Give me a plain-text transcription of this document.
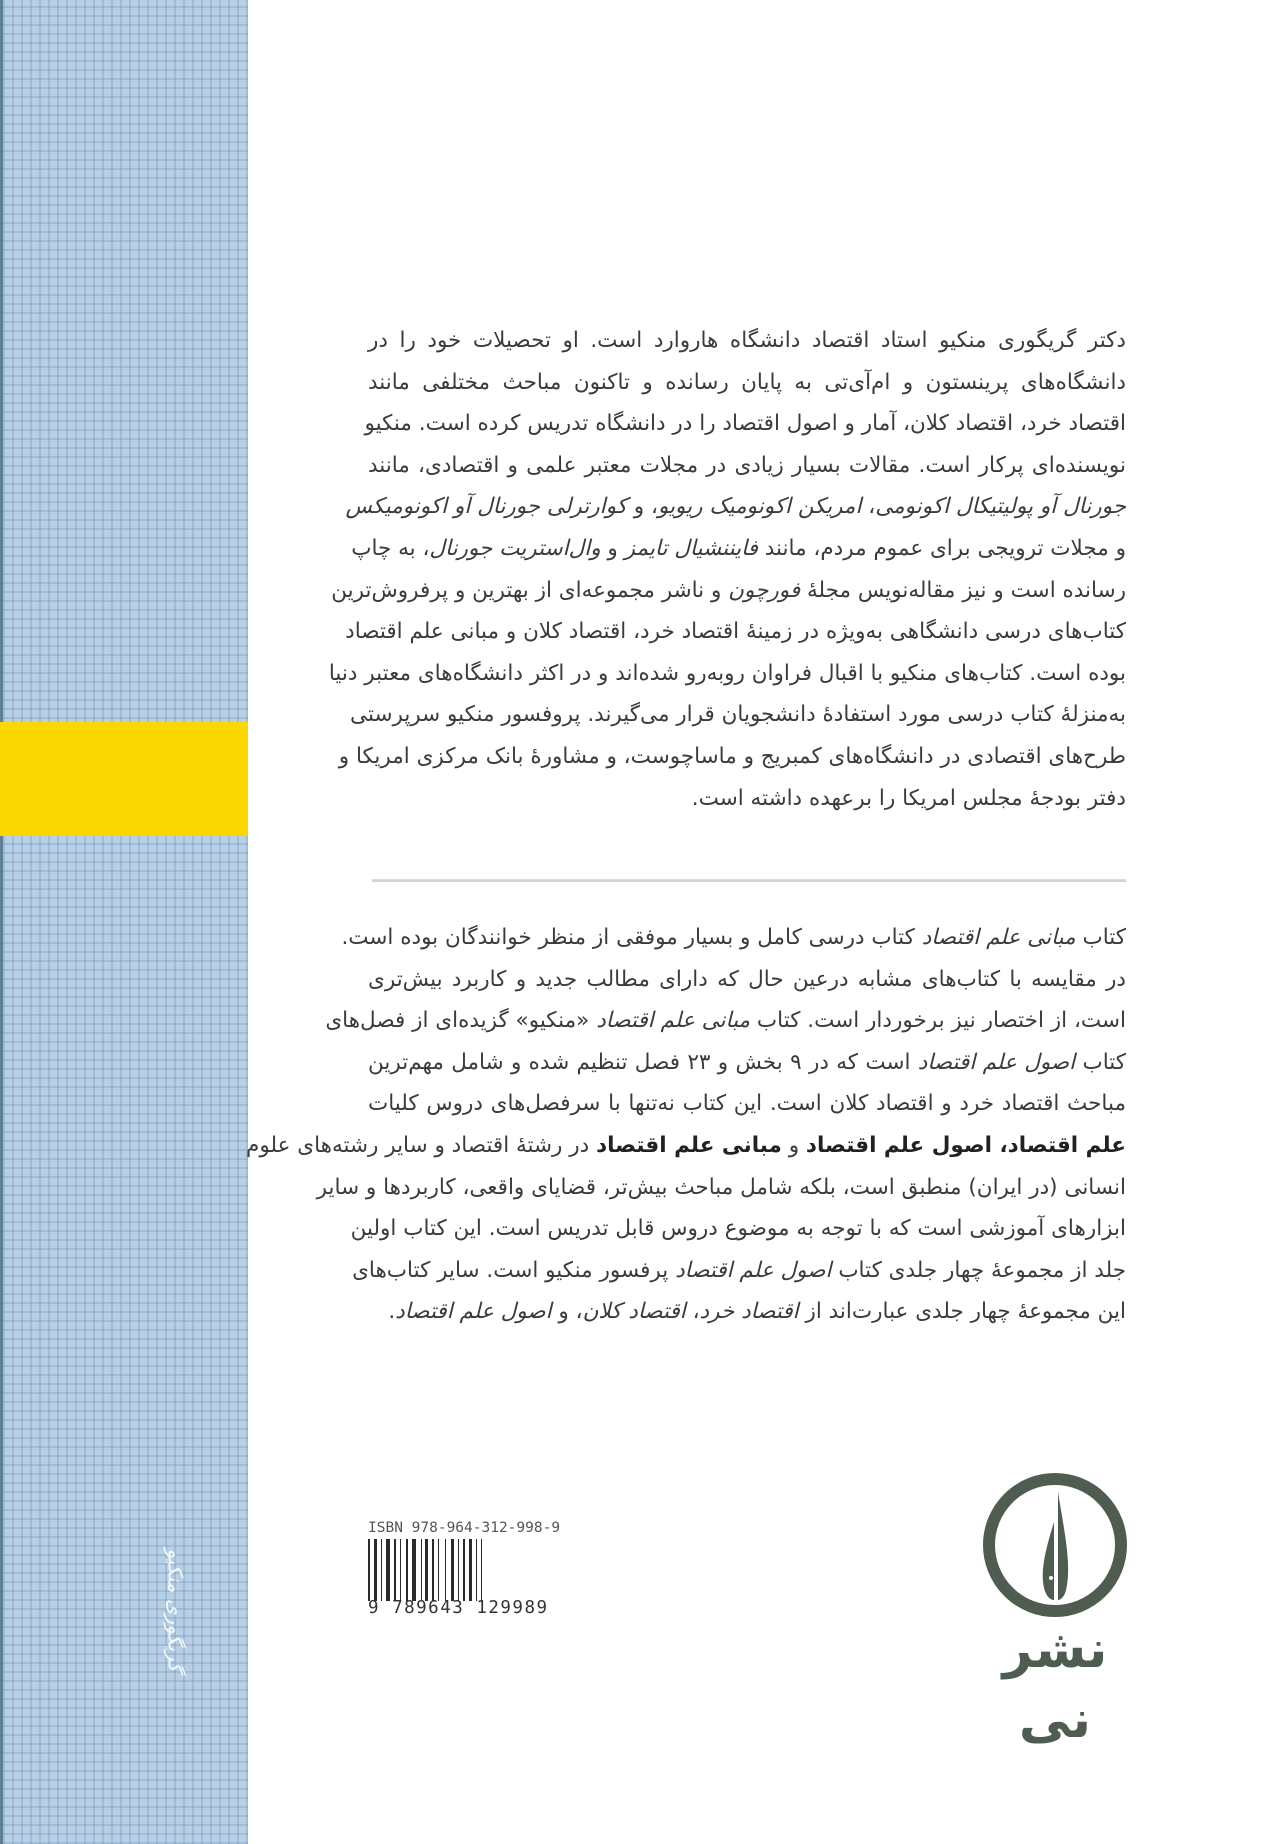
گریگوری منکیو
دکتر گریگوری منکیو استاد اقتصاد دانشگاه هاروارد است. او تحصیلات خود را در
دانشگاه‌های پرینستون و ام‌آی‌تی به پایان رسانده و تاکنون مباحث مختلفی مانند
اقتصاد خرد، اقتصاد کلان، آمار و اصول اقتصاد را در دانشگاه تدریس کرده است. منکیو
نویسنده‌ای پرکار است. مقالات بسیار زیادی در مجلات معتبر علمی و اقتصادی، مانند
جورنال آو پولیتیکال اکونومی، امریکن اکونومیک ریویو، و کوارترلی جورنال آو اکونومیکس
و مجلات ترویجی برای عموم مردم، مانند فایننشیال تایمز و وال‌استریت جورنال، به چاپ
رسانده است و نیز مقاله‌نویس مجلهٔ فورچون و ناشر مجموعه‌ای از بهترین و پرفروش‌ترین
کتاب‌های درسی دانشگاهی به‌ویژه در زمینهٔ اقتصاد خرد، اقتصاد کلان و مبانی علم اقتصاد
بوده است. کتاب‌های منکیو با اقبال فراوان روبه‌رو شده‌اند و در اکثر دانشگاه‌های معتبر دنیا
به‌منزلهٔ کتاب درسی مورد استفادهٔ دانشجویان قرار می‌گیرند. پروفسور منکیو سرپرستی
طرح‌های اقتصادی در دانشگاه‌های کمبریج و ماساچوست، و مشاورهٔ بانک مرکزی امریکا و
دفتر بودجهٔ مجلس امریکا را برعهده داشته است.
کتاب مبانی علم اقتصاد کتاب درسی کامل و بسیار موفقی از منظر خوانندگان بوده است.
در مقایسه با کتاب‌های مشابه درعین حال که دارای مطالب جدید و کاربرد بیش‌تری
است، از اختصار نیز برخوردار است. کتاب مبانی علم اقتصاد «منکیو» گزیده‌ای از فصل‌های
کتاب اصول علم اقتصاد است که در ۹ بخش و ۲۳ فصل تنظیم شده و شامل مهم‌ترین
مباحث اقتصاد خرد و اقتصاد کلان است. این کتاب نه‌تنها با سرفصل‌های دروس کلیات
علم اقتصاد، اصول علم اقتصاد و مبانی علم اقتصاد در رشتهٔ اقتصاد و سایر رشته‌های علوم
انسانی (در ایران) منطبق است، بلکه شامل مباحث بیش‌تر، قضایای واقعی، کاربردها و سایر
ابزارهای آموزشی است که با توجه به موضوع دروس قابل تدریس است. این کتاب اولین
جلد از مجموعهٔ چهار جلدی کتاب اصول علم اقتصاد پرفسور منکیو است. سایر کتاب‌های
این مجموعهٔ چهار جلدی عبارت‌اند از اقتصاد خرد، اقتصاد کلان، و اصول علم اقتصاد.
ISBN 978-964-312-998-9
9 789643 129989
نشر نی
